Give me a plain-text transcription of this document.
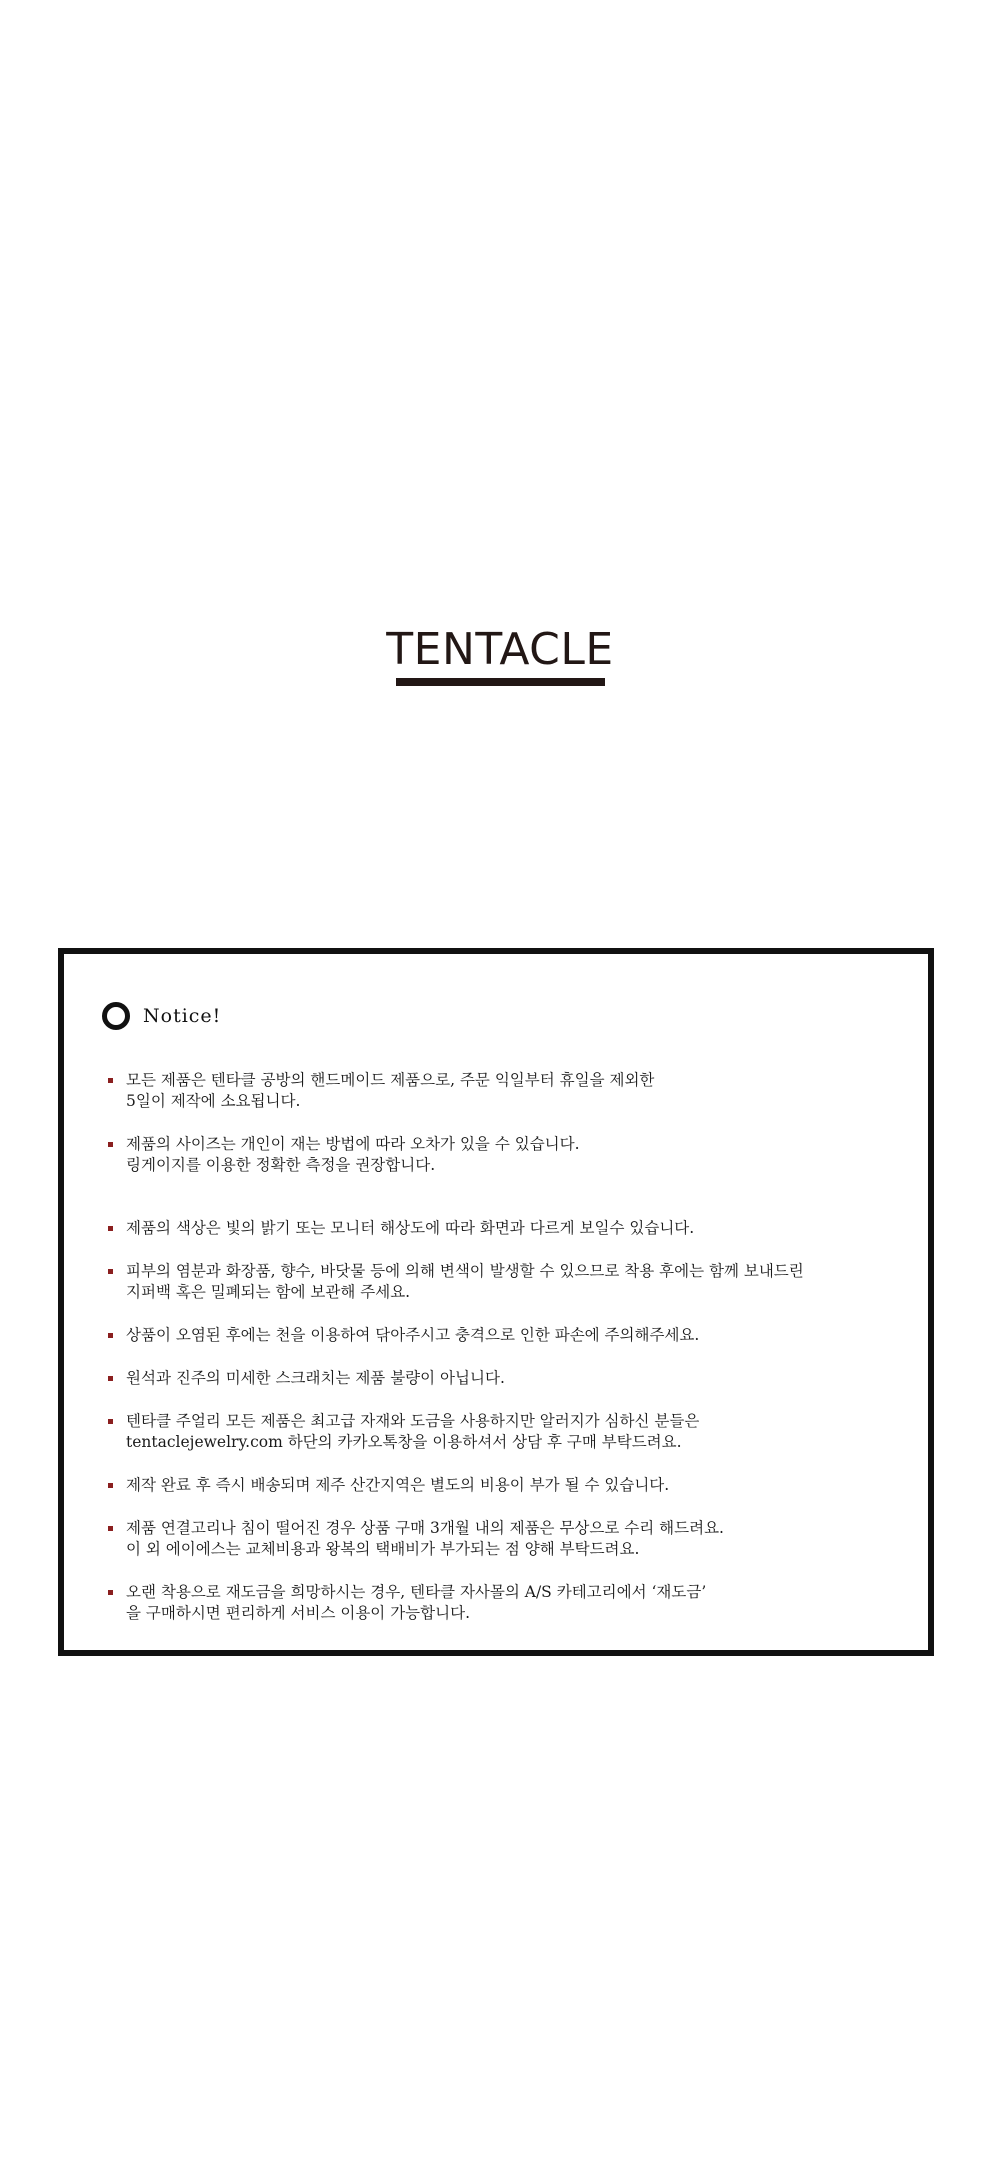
TENTACLE
Notice!
모든 제품은 텐타클 공방의 핸드메이드 제품으로, 주문 익일부터 휴일을 제외한
5일이 제작에 소요됩니다.
제품의 사이즈는 개인이 재는 방법에 따라 오차가 있을 수 있습니다.
링게이지를 이용한 정확한 측정을 권장합니다.
제품의 색상은 빛의 밝기 또는 모니터 해상도에 따라 화면과 다르게 보일수 있습니다.
피부의 염분과 화장품, 향수, 바닷물 등에 의해 변색이 발생할 수 있으므로 착용 후에는 함께 보내드린
지퍼백 혹은 밀폐되는 함에 보관해 주세요.
상품이 오염된 후에는 천을 이용하여 닦아주시고 충격으로 인한 파손에 주의해주세요.
원석과 진주의 미세한 스크래치는 제품 불량이 아닙니다.
텐타클 주얼리 모든 제품은 최고급 자재와 도금을 사용하지만 알러지가 심하신 분들은
tentaclejewelry.com 하단의 카카오톡창을 이용하셔서 상담 후 구매 부탁드려요.
제작 완료 후 즉시 배송되며 제주 산간지역은 별도의 비용이 부가 될 수 있습니다.
제품 연결고리나 침이 떨어진 경우 상품 구매 3개월 내의 제품은 무상으로 수리 해드려요.
이 외 에이에스는 교체비용과 왕복의 택배비가 부가되는 점 양해 부탁드려요.
오랜 착용으로 재도금을 희망하시는 경우, 텐타클 자사몰의 A/S 카테고리에서 ‘재도금’
을 구매하시면 편리하게 서비스 이용이 가능합니다.
